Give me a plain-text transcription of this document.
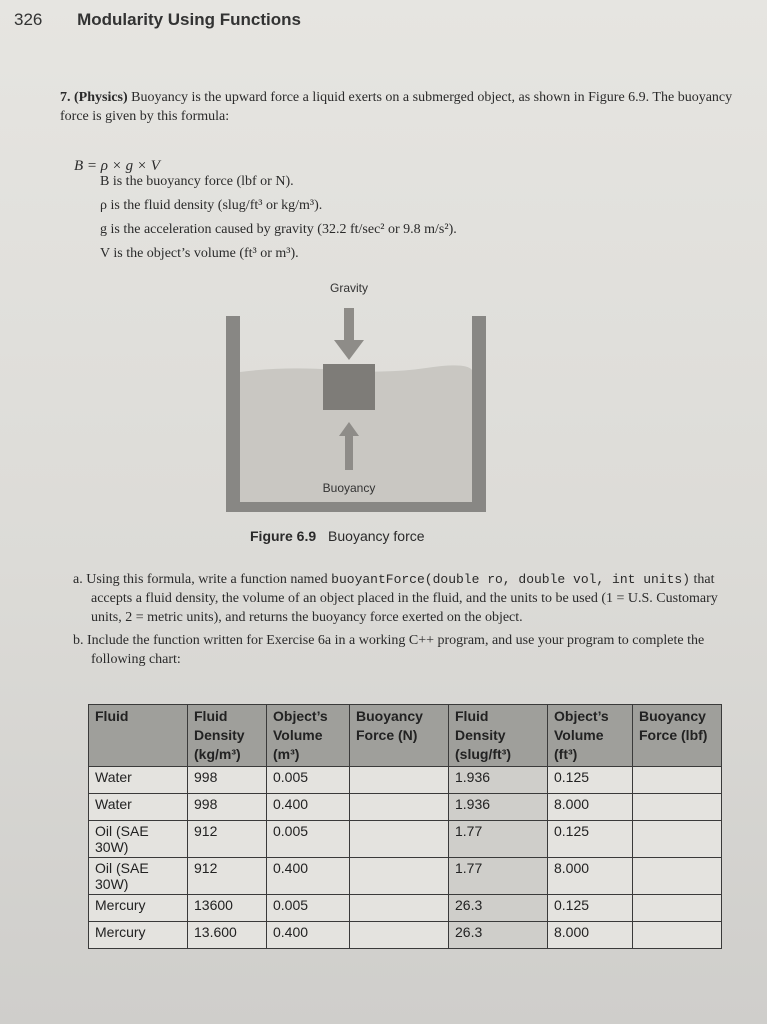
326 Modularity Using Functions
7. (Physics) Buoyancy is the upward force a liquid exerts on a submerged object, as shown in Figure 6.9. The buoyancy force is given by this formula:
B = ρ × g × V
B is the buoyancy force (lbf or N).
ρ is the fluid density (slug/ft³ or kg/m³).
g is the acceleration caused by gravity (32.2 ft/sec² or 9.8 m/s²).
V is the object’s volume (ft³ or m³).
Gravity
Buoyancy
Figure 6.9 Buoyancy force

a. Using this formula, write a function named buoyantForce(double ro, double vol, int units) that accepts a fluid density, the volume of an object placed in the fluid, and the units to be used (1 = U.S. Customary units, 2 = metric units), and returns the buoyancy force exerted on the object.

b. Include the function written for Exercise 6a in a working C++ program, and use your program to complete the following chart:

Fluid	Fluid Density (kg/m³)	Object’s Volume (m³)	Buoyancy Force (N)	Fluid Density (slug/ft³)	Object’s Volume (ft³)	Buoyancy Force (lbf)
Water	998	0.005		1.936	0.125	
Water	998	0.400		1.936	8.000	
Oil (SAE 30W)	912	0.005		1.77	0.125	
Oil (SAE 30W)	912	0.400		1.77	8.000	
Mercury	13600	0.005		26.3	0.125	
Mercury	13.600	0.400		26.3	8.000	
